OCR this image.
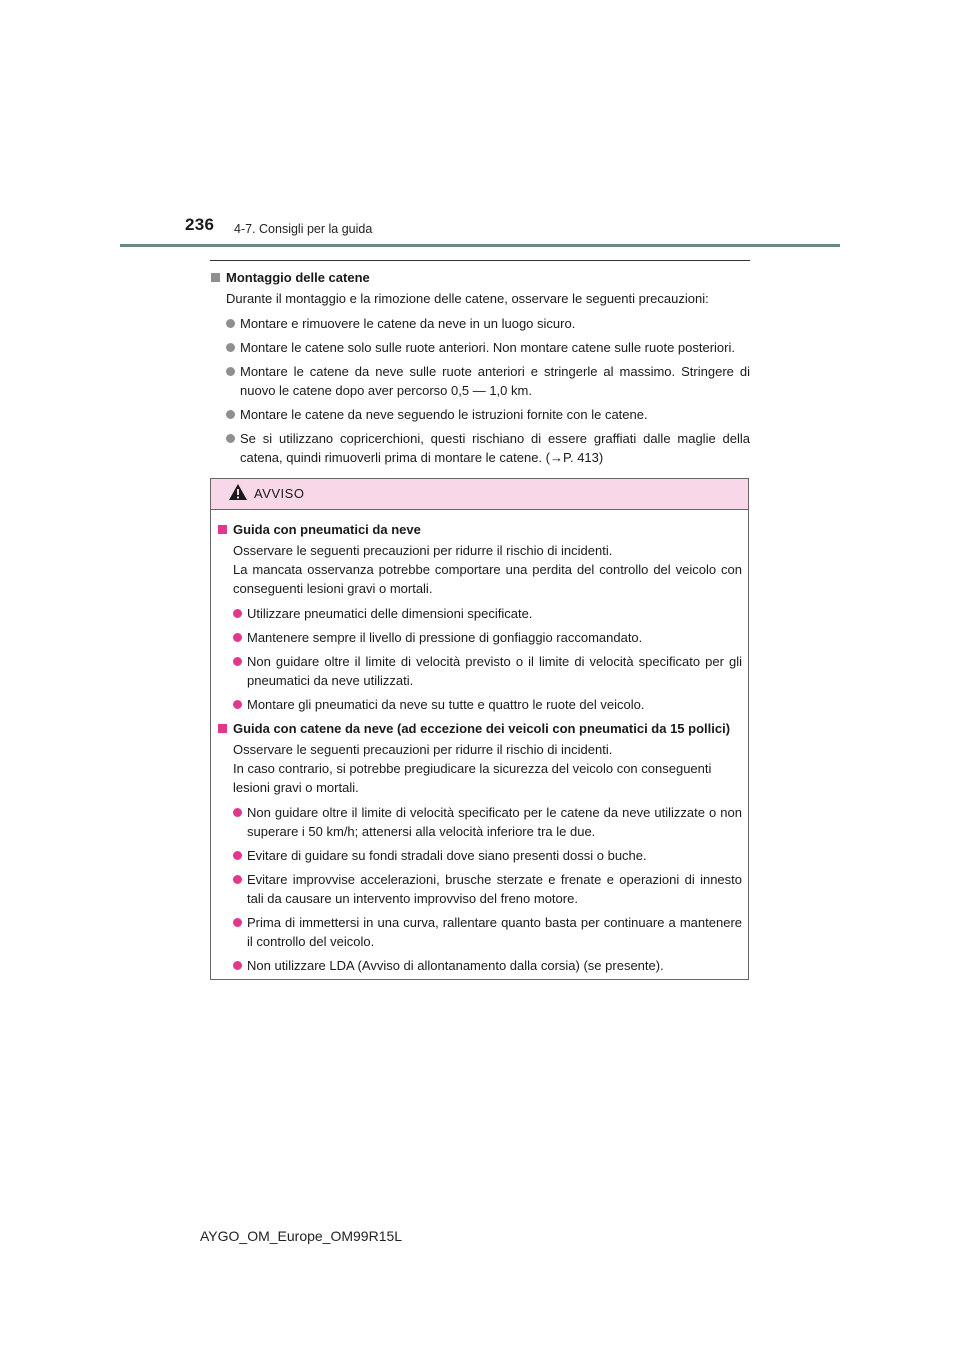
236 4-7. Consigli per la guida
Montaggio delle catene
Durante il montaggio e la rimozione delle catene, osservare le seguenti precauzioni:
Montare e rimuovere le catene da neve in un luogo sicuro.
Montare le catene solo sulle ruote anteriori. Non montare catene sulle ruote posteriori.
Montare le catene da neve sulle ruote anteriori e stringerle al massimo. Stringere di nuovo le catene dopo aver percorso 0,5 — 1,0 km.
Montare le catene da neve seguendo le istruzioni fornite con le catene.
Se si utilizzano copricerchioni, questi rischiano di essere graffiati dalle maglie della catena, quindi rimuoverli prima di montare le catene. (→P. 413)
AVVISO
Guida con pneumatici da neve
Osservare le seguenti precauzioni per ridurre il rischio di incidenti.
La mancata osservanza potrebbe comportare una perdita del controllo del veicolo con conseguenti lesioni gravi o mortali.
Utilizzare pneumatici delle dimensioni specificate.
Mantenere sempre il livello di pressione di gonfiaggio raccomandato.
Non guidare oltre il limite di velocità previsto o il limite di velocità specificato per gli pneumatici da neve utilizzati.
Montare gli pneumatici da neve su tutte e quattro le ruote del veicolo.
Guida con catene da neve (ad eccezione dei veicoli con pneumatici da 15 pollici)
Osservare le seguenti precauzioni per ridurre il rischio di incidenti.
In caso contrario, si potrebbe pregiudicare la sicurezza del veicolo con conseguenti lesioni gravi o mortali.
Non guidare oltre il limite di velocità specificato per le catene da neve utilizzate o non superare i 50 km/h; attenersi alla velocità inferiore tra le due.
Evitare di guidare su fondi stradali dove siano presenti dossi o buche.
Evitare improvvise accelerazioni, brusche sterzate e frenate e operazioni di innesto tali da causare un intervento improvviso del freno motore.
Prima di immettersi in una curva, rallentare quanto basta per continuare a mantenere il controllo del veicolo.
Non utilizzare LDA (Avviso di allontanamento dalla corsia) (se presente).
AYGO_OM_Europe_OM99R15L
